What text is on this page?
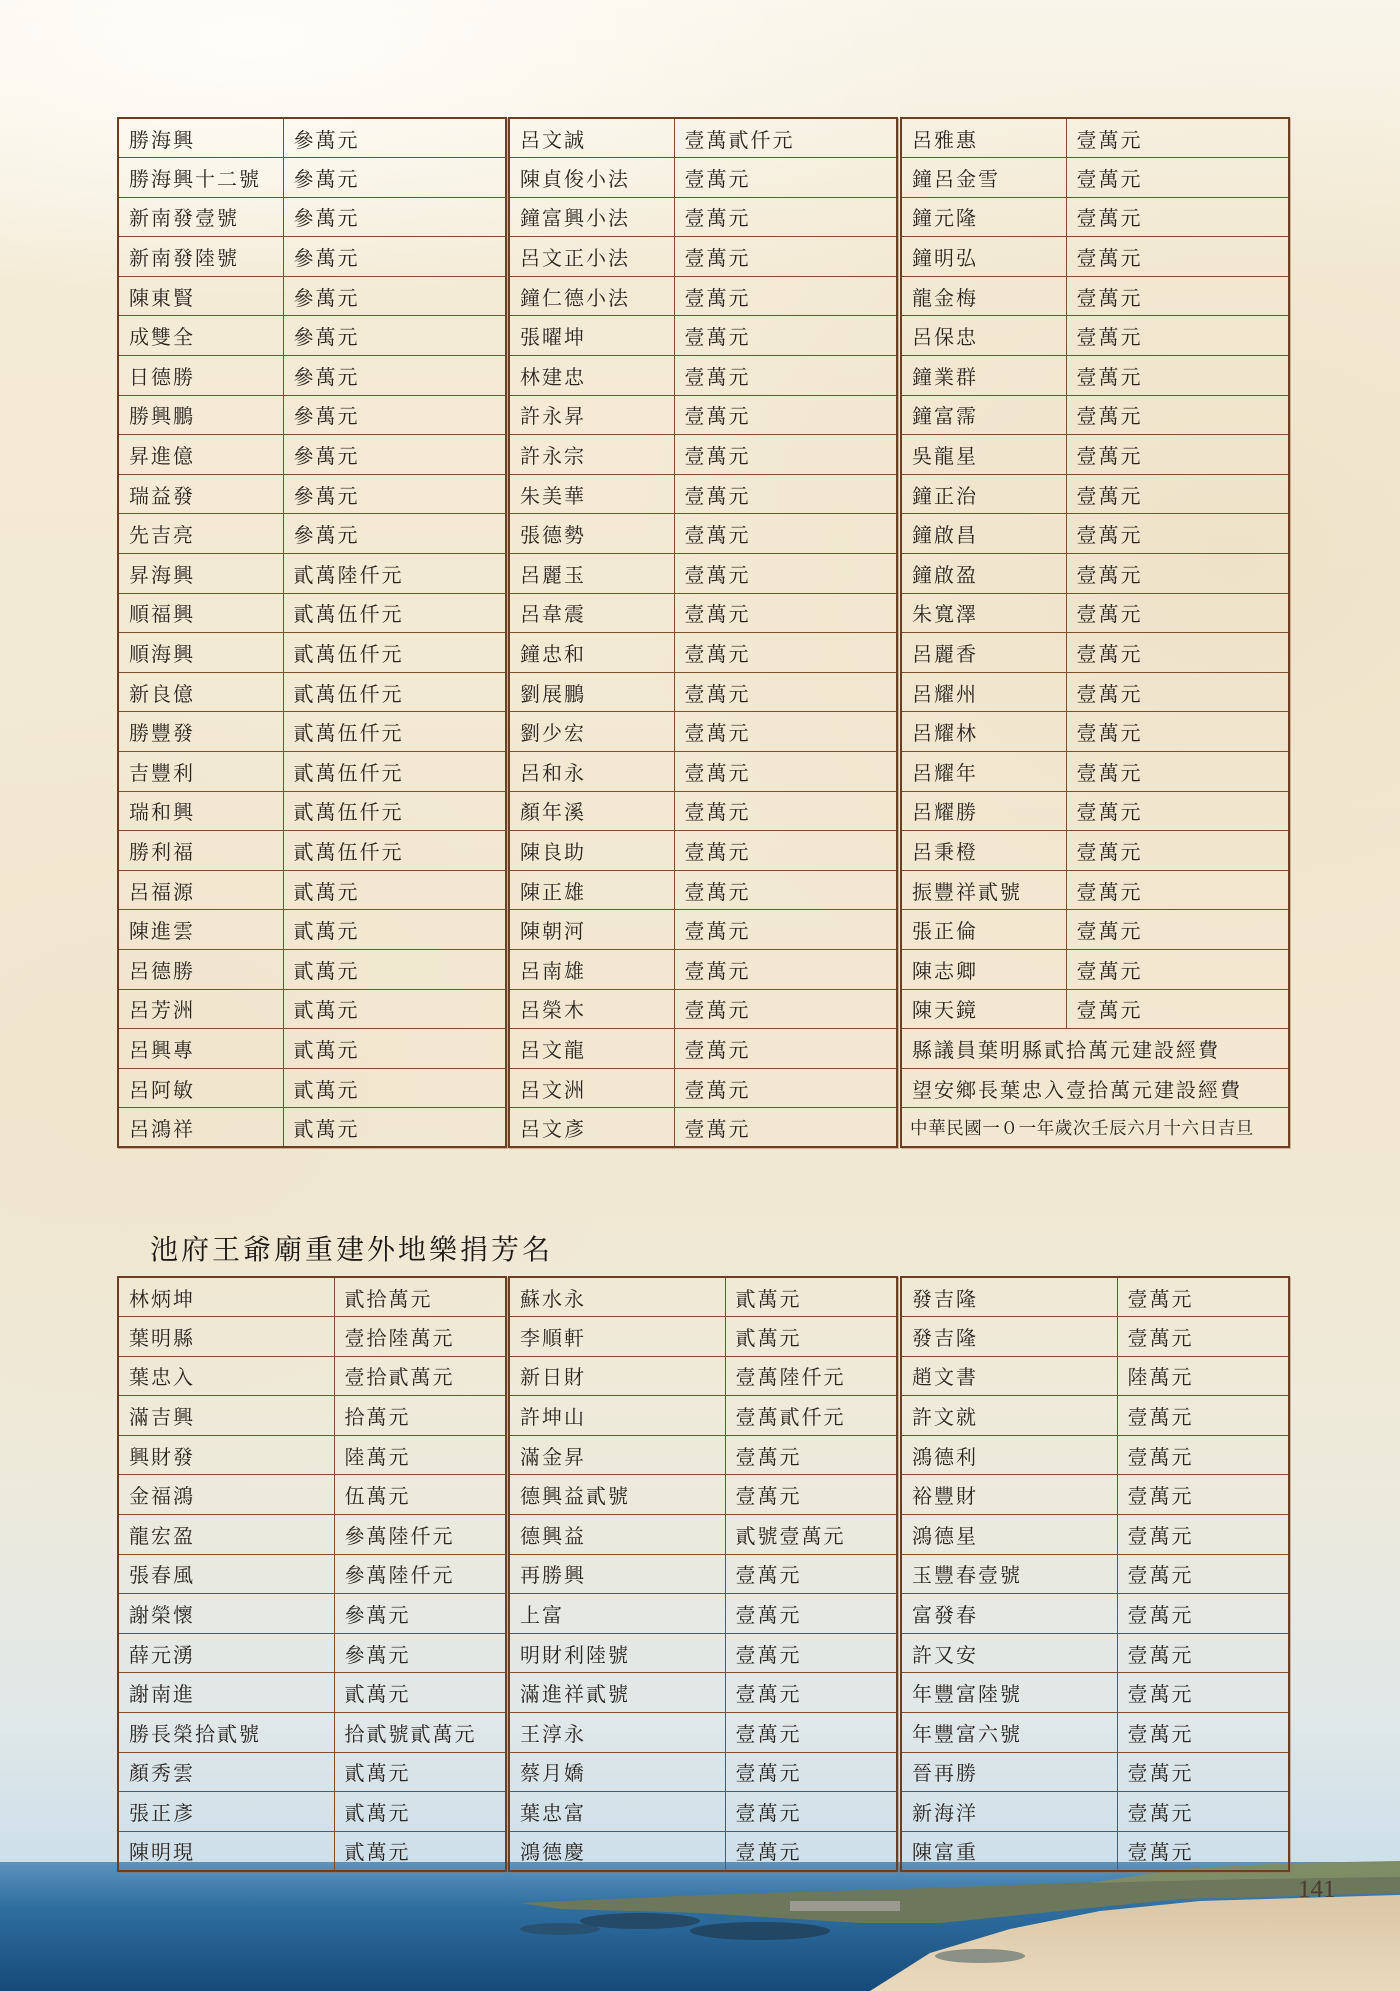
勝海興	參萬元
勝海興十二號	參萬元
新南發壹號	參萬元
新南發陸號	參萬元
陳東賢	參萬元
成雙全	參萬元
日德勝	參萬元
勝興鵬	參萬元
昇進億	參萬元
瑞益發	參萬元
先吉亮	參萬元
昇海興	貳萬陸仟元
順福興	貳萬伍仟元
順海興	貳萬伍仟元
新良億	貳萬伍仟元
勝豐發	貳萬伍仟元
吉豐利	貳萬伍仟元
瑞和興	貳萬伍仟元
勝利福	貳萬伍仟元
呂福源	貳萬元
陳進雲	貳萬元
呂德勝	貳萬元
呂芳洲	貳萬元
呂興專	貳萬元
呂阿敏	貳萬元
呂鴻祥	貳萬元
呂文誠	壹萬貳仟元
陳貞俊小法	壹萬元
鐘富興小法	壹萬元
呂文正小法	壹萬元
鐘仁德小法	壹萬元
張曜坤	壹萬元
林建忠	壹萬元
許永昇	壹萬元
許永宗	壹萬元
朱美華	壹萬元
張德勢	壹萬元
呂麗玉	壹萬元
呂韋震	壹萬元
鐘忠和	壹萬元
劉展鵬	壹萬元
劉少宏	壹萬元
呂和永	壹萬元
顏年溪	壹萬元
陳良助	壹萬元
陳正雄	壹萬元
陳朝河	壹萬元
呂南雄	壹萬元
呂榮木	壹萬元
呂文龍	壹萬元
呂文洲	壹萬元
呂文彥	壹萬元
呂雅惠	壹萬元
鐘呂金雪	壹萬元
鐘元隆	壹萬元
鐘明弘	壹萬元
龍金梅	壹萬元
呂保忠	壹萬元
鐘業群	壹萬元
鐘富霈	壹萬元
吳龍星	壹萬元
鐘正治	壹萬元
鐘啟昌	壹萬元
鐘啟盈	壹萬元
朱寬澤	壹萬元
呂麗香	壹萬元
呂耀州	壹萬元
呂耀林	壹萬元
呂耀年	壹萬元
呂耀勝	壹萬元
呂秉橙	壹萬元
振豐祥貳號	壹萬元
張正倫	壹萬元
陳志卿	壹萬元
陳天鏡	壹萬元
縣議員葉明縣貳拾萬元建設經費	
望安鄉長葉忠入壹拾萬元建設經費	
中華民國一０一年歲次壬辰六月十六日吉旦	
池府王爺廟重建外地樂捐芳名
林炳坤	貳拾萬元
葉明縣	壹拾陸萬元
葉忠入	壹拾貳萬元
滿吉興	拾萬元
興財發	陸萬元
金福鴻	伍萬元
龍宏盈	參萬陸仟元
張春風	參萬陸仟元
謝榮懷	參萬元
薛元湧	參萬元
謝南進	貳萬元
勝長榮拾貳號	拾貳號貳萬元
顏秀雲	貳萬元
張正彥	貳萬元
陳明現	貳萬元
蘇水永	貳萬元
李順軒	貳萬元
新日財	壹萬陸仟元
許坤山	壹萬貳仟元
滿金昇	壹萬元
德興益貳號	壹萬元
德興益	貳號壹萬元
再勝興	壹萬元
上富	壹萬元
明財利陸號	壹萬元
滿進祥貳號	壹萬元
王淳永	壹萬元
蔡月嬌	壹萬元
葉忠富	壹萬元
鴻德慶	壹萬元
發吉隆	壹萬元
發吉隆	壹萬元
趙文書	陸萬元
許文就	壹萬元
鴻德利	壹萬元
裕豐財	壹萬元
鴻德星	壹萬元
玉豐春壹號	壹萬元
富發春	壹萬元
許又安	壹萬元
年豐富陸號	壹萬元
年豐富六號	壹萬元
晉再勝	壹萬元
新海洋	壹萬元
陳富重	壹萬元
141
